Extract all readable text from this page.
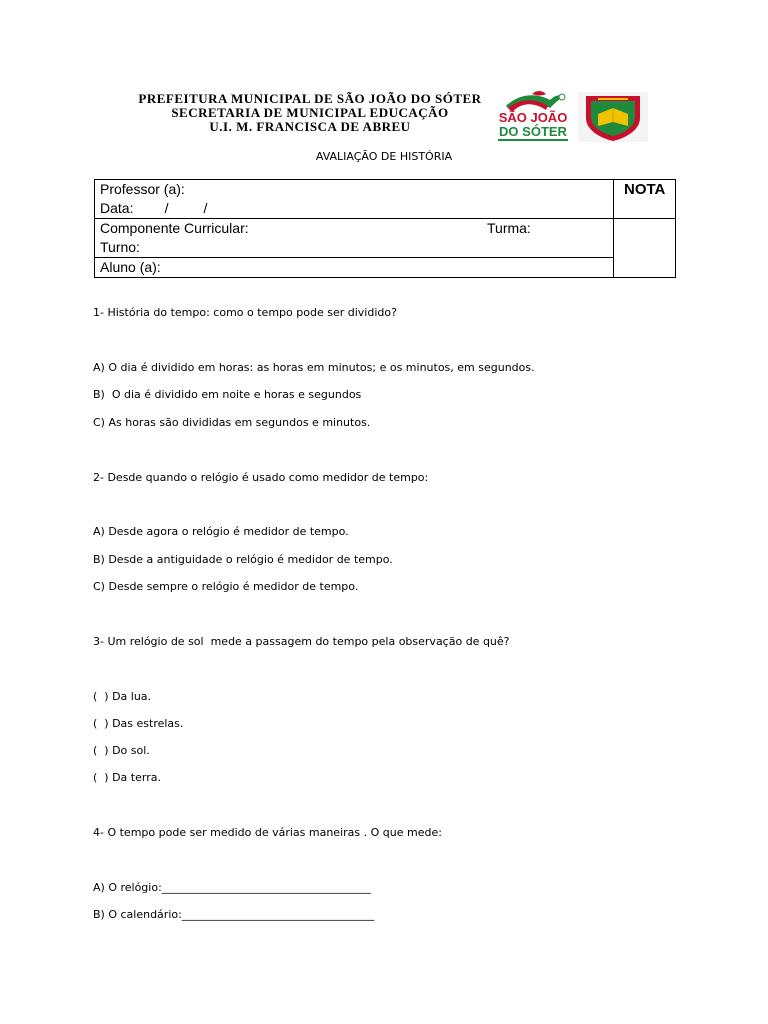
PREFEITURA MUNICIPAL DE SÃO JOÃO DO SÓTER
SECRETARIA DE MUNICIPAL EDUCAÇÃO
U.I. M. FRANCISCA DE ABREU
SÃO JOÃO
DO SÓTER
AVALIAÇÃO DE HISTÓRIA
Professor (a):
Data:        /         /
NOTA
Componente Curricular:	Turma:
Turno:
Aluno (a):
1- História do tempo: como o tempo pode ser dividido?
A) O dia é dividido em horas: as horas em minutos; e os minutos, em segundos.
B)  O dia é dividido em noite e horas e segundos
C) As horas são divididas em segundos e minutos.
2- Desde quando o relógio é usado como medidor de tempo:
A) Desde agora o relógio é medidor de tempo.
B) Desde a antiguidade o relógio é medidor de tempo.
C) Desde sempre o relógio é medidor de tempo.
3- Um relógio de sol  mede a passagem do tempo pela observação de quê?
(  ) Da lua.
(  ) Das estrelas.
(  ) Do sol.
(  ) Da terra.
4- O tempo pode ser medido de várias maneiras . O que mede:
A) O relógio:______________________________________
B) O calendário:___________________________________
